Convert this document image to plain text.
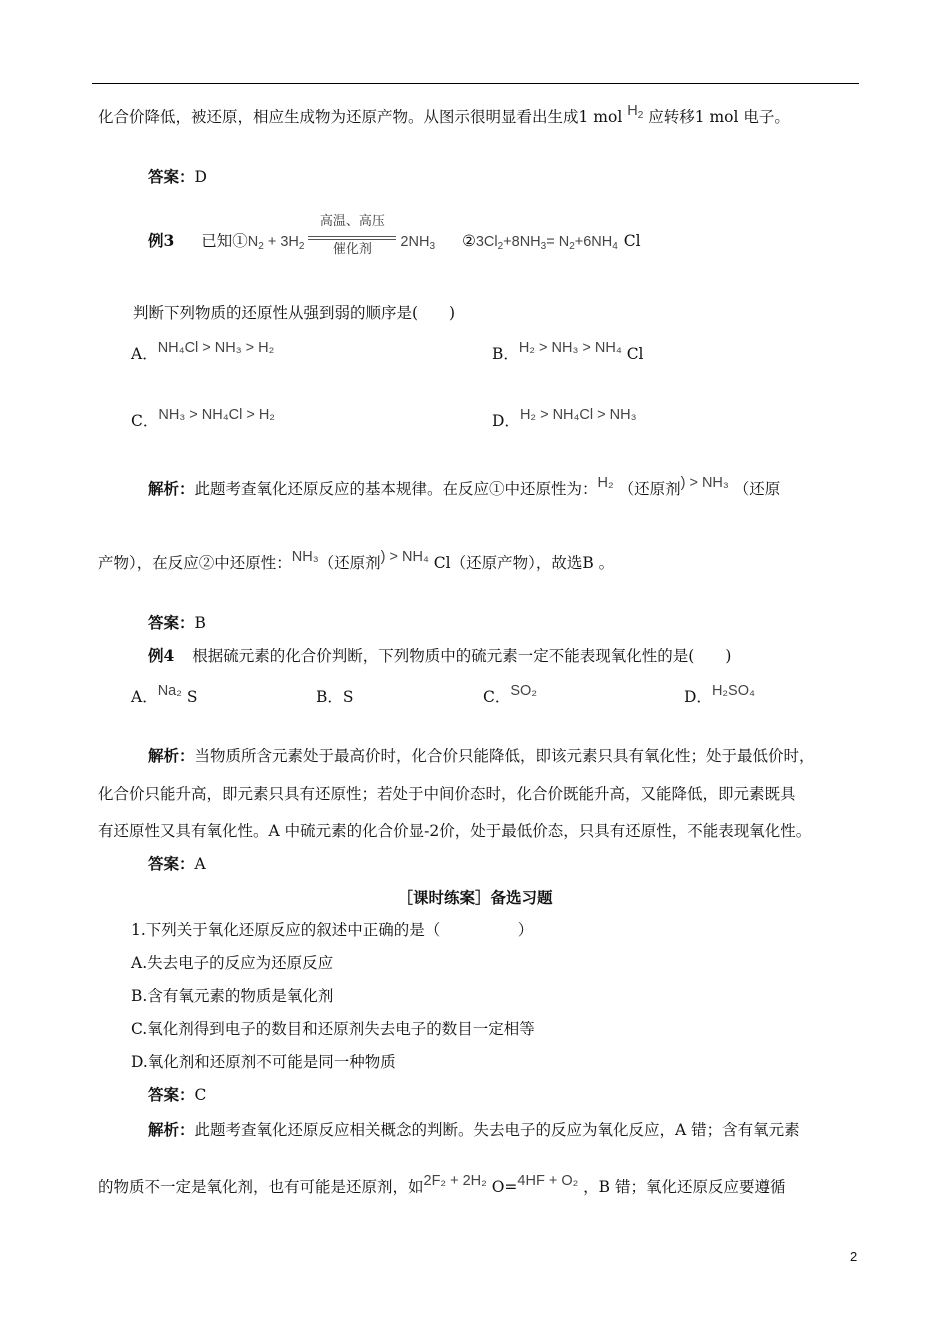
化合价降低，被还原，相应生成物为还原产物。从图示很明显看出生成1 mol $H_2$ 应转移1 mol 电子。
答案：D
例3 已知$①N_2 + 3H_2$
高温、高压
催化剂	$2NH_3$ $②3Cl_2+8NH_3= N_2+6NH_4$ Cl
判断下列物质的还原性从强到弱的顺序是(　　)
A．NH₄Cl > NH₃ > H₂	B．H₂ > NH₃ > NH₄ Cl
C．NH₃ > NH₄Cl > H₂	D．H₂ > NH₄Cl > NH₃
解析：此题考查氧化还原反应的基本规律。在反应①中还原性为：H₂ （还原剂) > NH₃ （还原
产物），在反应②中还原性：NH₃（还原剂) > NH₄ Cl（还原产物），故选B 。
答案：B
例4 根据硫元素的化合价判断，下列物质中的硫元素一定不能表现氧化性的是(　　)
A．Na₂ S	B．S	C．SO₂	D．H₂SO₄
解析：当物质所含元素处于最高价时，化合价只能降低，即该元素只具有氧化性；处于最低价时，
化合价只能升高，即元素只具有还原性；若处于中间价态时，化合价既能升高，又能降低，即元素既具
有还原性又具有氧化性。A 中硫元素的化合价显-2价，处于最低价态，只具有还原性，不能表现氧化性。
答案：A
［课时练案］备选习题
1.下列关于氧化还原反应的叙述中正确的是（　　　　　）
A.失去电子的反应为还原反应
B.含有氧元素的物质是氧化剂
C.氧化剂得到电子的数目和还原剂失去电子的数目一定相等
D.氧化剂和还原剂不可能是同一种物质
答案：C
解析：此题考查氧化还原反应相关概念的判断。失去电子的反应为氧化反应，A 错；含有氧元素
的物质不一定是氧化剂，也有可能是还原剂，如2F₂ + 2H₂ O=4HF + O₂ ，B 错；氧化还原反应要遵循
2
